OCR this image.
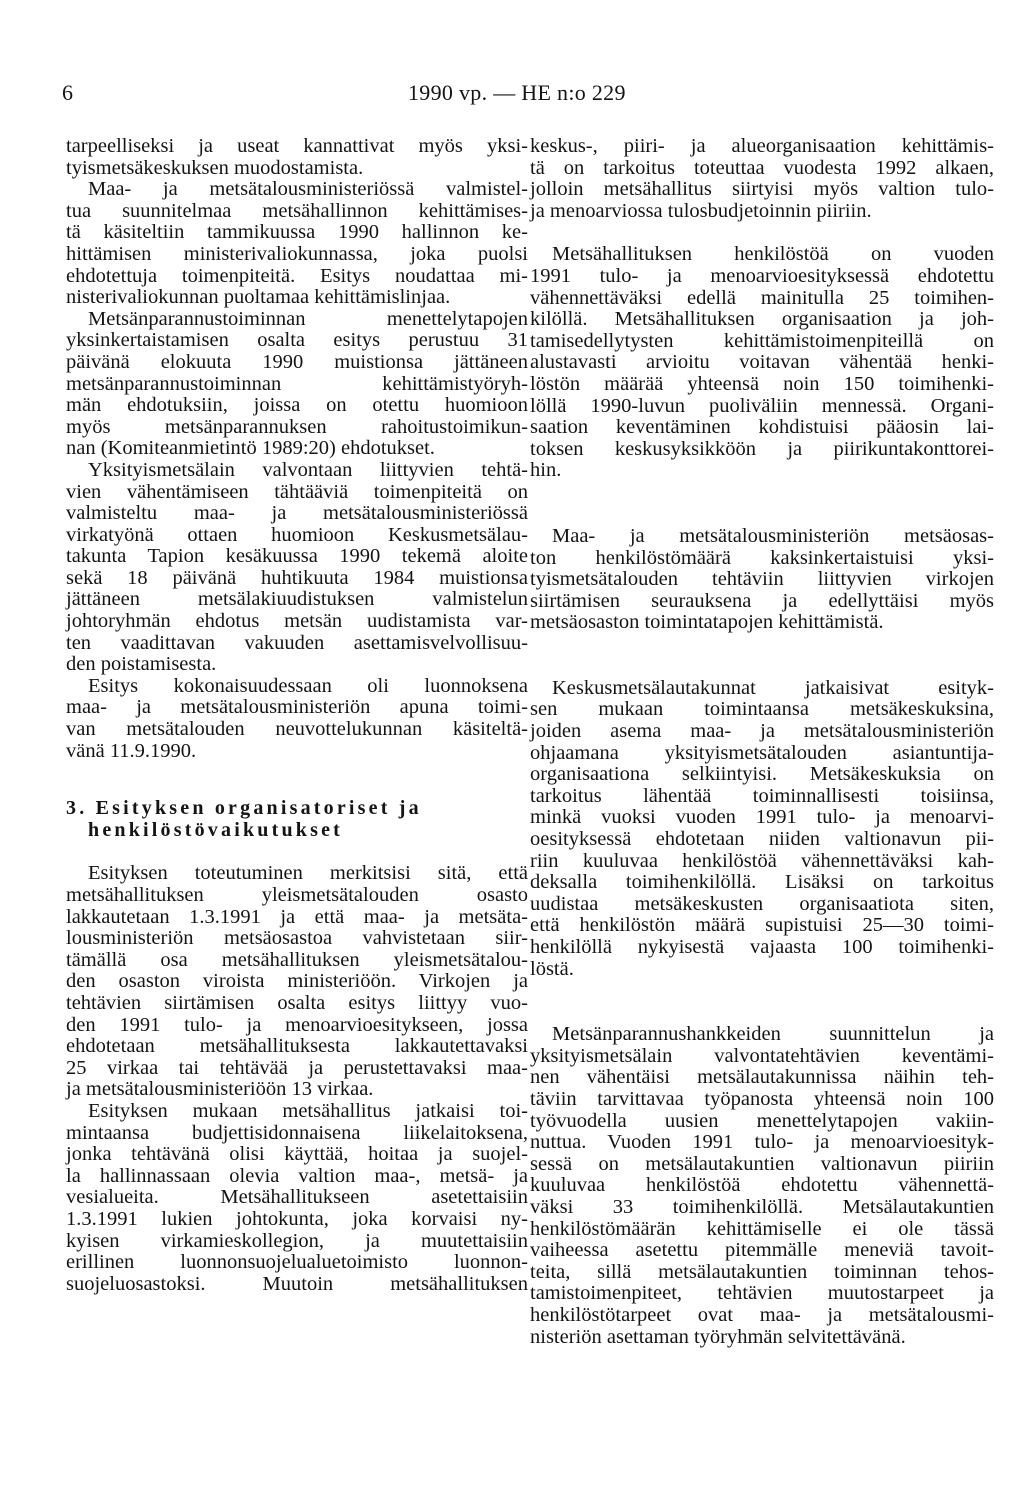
6	1990 vp. — HE n:o 229
tarpeelliseksi ja useat kannattivat myös yksi-
tyismetsäkeskuksen muodostamista.
Maa- ja metsätalousministeriössä valmistel-
tua suunnitelmaa metsähallinnon kehittämises-
tä käsiteltiin tammikuussa 1990 hallinnon ke-
hittämisen ministerivaliokunnassa, joka puolsi
ehdotettuja toimenpiteitä. Esitys noudattaa mi-
nisterivaliokunnan puoltamaa kehittämislinjaa.
Metsänparannustoiminnan menettelytapojen
yksinkertaistamisen osalta esitys perustuu 31
päivänä elokuuta 1990 muistionsa jättäneen
metsänparannustoiminnan kehittämistyöryh-
män ehdotuksiin, joissa on otettu huomioon
myös metsänparannuksen rahoitustoimikun-
nan (Komiteanmietintö 1989:20) ehdotukset.
Yksityismetsälain valvontaan liittyvien tehtä-
vien vähentämiseen tähtääviä toimenpiteitä on
valmisteltu maa- ja metsätalousministeriössä
virkatyönä ottaen huomioon Keskusmetsälau-
takunta Tapion kesäkuussa 1990 tekemä aloite
sekä 18 päivänä huhtikuuta 1984 muistionsa
jättäneen metsälakiuudistuksen valmistelun
johtoryhmän ehdotus metsän uudistamista var-
ten vaadittavan vakuuden asettamisvelvollisuu-
den poistamisesta.
Esitys kokonaisuudessaan oli luonnoksena
maa- ja metsätalousministeriön apuna toimi-
van metsätalouden neuvottelukunnan käsiteltä-
vänä 11.9.1990.
3. Esityksen organisatoriset ja
henkilöstövaikutukset
Esityksen toteutuminen merkitsisi sitä, että
metsähallituksen yleismetsätalouden osasto
lakkautetaan 1.3.1991 ja että maa- ja metsäta-
lousministeriön metsäosastoa vahvistetaan siir-
tämällä osa metsähallituksen yleismetsätalou-
den osaston viroista ministeriöön. Virkojen ja
tehtävien siirtämisen osalta esitys liittyy vuo-
den 1991 tulo- ja menoarvioesitykseen, jossa
ehdotetaan metsähallituksesta lakkautettavaksi
25 virkaa tai tehtävää ja perustettavaksi maa-
ja metsätalousministeriöön 13 virkaa.
Esityksen mukaan metsähallitus jatkaisi toi-
mintaansa budjettisidonnaisena liikelaitoksena,
jonka tehtävänä olisi käyttää, hoitaa ja suojel-
la hallinnassaan olevia valtion maa-, metsä- ja
vesialueita. Metsähallitukseen asetettaisiin
1.3.1991 lukien johtokunta, joka korvaisi ny-
kyisen virkamieskollegion, ja muutettaisiin
erillinen luonnonsuojelualuetoimisto luonnon-
suojeluosastoksi. Muutoin metsähallituksen
keskus-, piiri- ja alueorganisaation kehittämis-
tä on tarkoitus toteuttaa vuodesta 1992 alkaen,
jolloin metsähallitus siirtyisi myös valtion tulo-
ja menoarviossa tulosbudjetoinnin piiriin.
Metsähallituksen henkilöstöä on vuoden
1991 tulo- ja menoarvioesityksessä ehdotettu
vähennettäväksi edellä mainitulla 25 toimihen-
kilöllä. Metsähallituksen organisaation ja joh-
tamisedellytysten kehittämistoimenpiteillä on
alustavasti arvioitu voitavan vähentää henki-
löstön määrää yhteensä noin 150 toimihenki-
löllä 1990-luvun puoliväliin mennessä. Organi-
saation keventäminen kohdistuisi pääosin lai-
toksen keskusyksikköön ja piirikuntakonttorei-
hin.
Maa- ja metsätalousministeriön metsäosas-
ton henkilöstömäärä kaksinkertaistuisi yksi-
tyismetsätalouden tehtäviin liittyvien virkojen
siirtämisen seurauksena ja edellyttäisi myös
metsäosaston toimintatapojen kehittämistä.
Keskusmetsälautakunnat jatkaisivat esityk-
sen mukaan toimintaansa metsäkeskuksina,
joiden asema maa- ja metsätalousministeriön
ohjaamana yksityismetsätalouden asiantuntija-
organisaationa selkiintyisi. Metsäkeskuksia on
tarkoitus lähentää toiminnallisesti toisiinsa,
minkä vuoksi vuoden 1991 tulo- ja menoarvi-
oesityksessä ehdotetaan niiden valtionavun pii-
riin kuuluvaa henkilöstöä vähennettäväksi kah-
deksalla toimihenkilöllä. Lisäksi on tarkoitus
uudistaa metsäkeskusten organisaatiota siten,
että henkilöstön määrä supistuisi 25—30 toimi-
henkilöllä nykyisestä vajaasta 100 toimihenki-
löstä.
Metsänparannushankkeiden suunnittelun ja
yksityismetsälain valvontatehtävien keventämi-
nen vähentäisi metsälautakunnissa näihin teh-
täviin tarvittavaa työpanosta yhteensä noin 100
työvuodella uusien menettelytapojen vakiin-
nuttua. Vuoden 1991 tulo- ja menoarvioesityk-
sessä on metsälautakuntien valtionavun piiriin
kuuluvaa henkilöstöä ehdotettu vähennettä-
väksi 33 toimihenkilöllä. Metsälautakuntien
henkilöstömäärän kehittämiselle ei ole tässä
vaiheessa asetettu pitemmälle meneviä tavoit-
teita, sillä metsälautakuntien toiminnan tehos-
tamistoimenpiteet, tehtävien muutostarpeet ja
henkilöstötarpeet ovat maa- ja metsätalousmi-
nisteriön asettaman työryhmän selvitettävänä.
